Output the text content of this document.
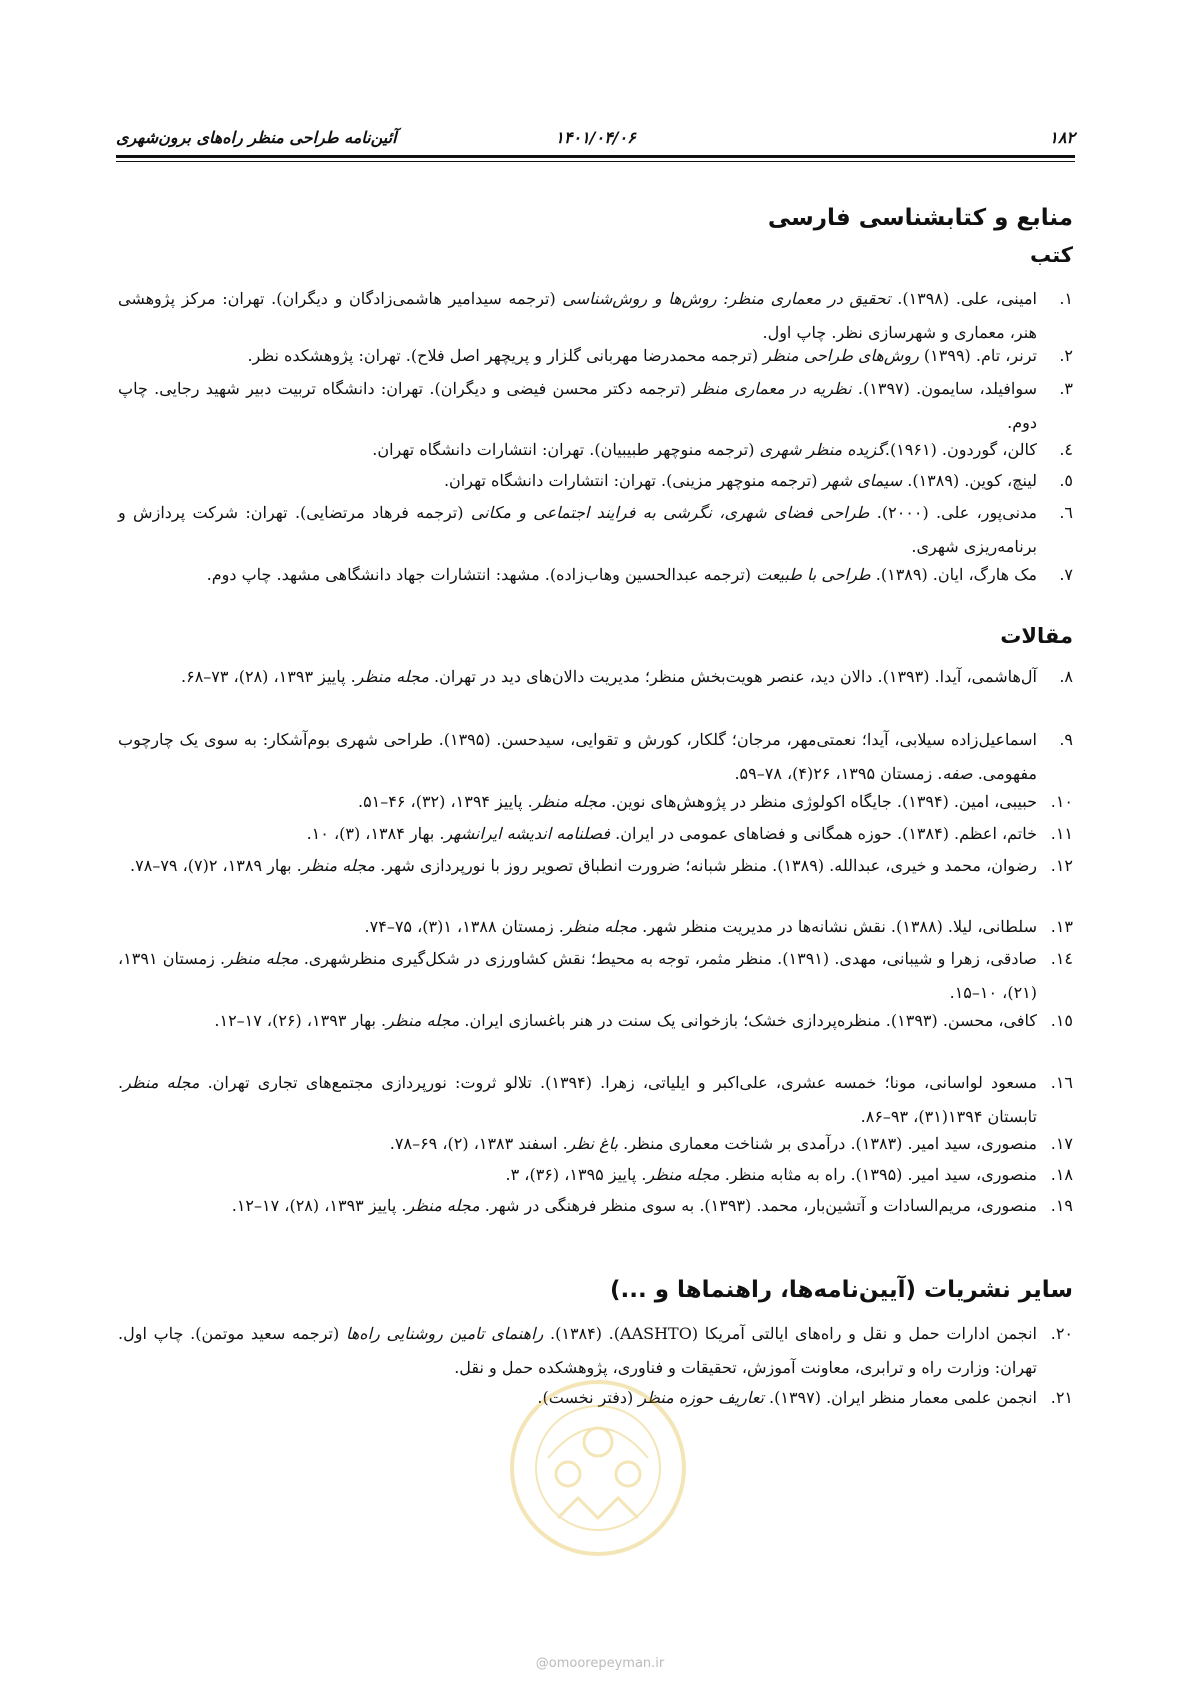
۱۸۲
۱۴۰۱/۰۴/۰۶
آئین‌نامه طراحی منظر راه‌های برون‌شهری
منابع و کتابشناسی فارسی
کتب
۱.
امینی، علی. (۱۳۹۸). تحقیق در معماری منظر: روش‌ها و روش‌شناسی (ترجمه سیدامیر هاشمی‌زادگان و دیگران). تهران: مرکز پژوهشی هنر، معماری و شهرسازی نظر. چاپ اول.
۲.
ترنر، تام. (۱۳۹۹) روش‌های طراحی منظر (ترجمه محمدرضا مهربانی گلزار و پریچهر اصل فلاح). تهران: پژوهشکده نظر.
۳.
سوافیلد، سایمون. (۱۳۹۷). نظریه در معماری منظر (ترجمه دکتر محسن فیضی و دیگران). تهران: دانشگاه تربیت دبیر شهید رجایی. چاپ دوم.
٤.
کالن، گوردون. (۱۹۶۱).گزیده منظر شهری (ترجمه منوچهر طبیبیان). تهران: انتشارات دانشگاه تهران.
٥.
لینچ، کوین. (۱۳۸۹). سیمای شهر (ترجمه منوچهر مزینی). تهران: انتشارات دانشگاه تهران.
٦.
مدنی‌پور، علی. (۲۰۰۰). طراحی فضای شهری، نگرشی به فرایند اجتماعی و مکانی (ترجمه فرهاد مرتضایی). تهران: شرکت پردازش و برنامه‌ریزی شهری.
۷.
مک هارگ، ایان. (۱۳۸۹). طراحی با طبیعت (ترجمه عبدالحسین وهاب‌زاده). مشهد: انتشارات جهاد دانشگاهی مشهد. چاپ دوم.
مقالات
۸.
آل‌هاشمی، آیدا. (۱۳۹۳). دالان دید، عنصر هویت‌بخش منظر؛ مدیریت دالان‌های دید در تهران. مجله منظر. پاییز ۱۳۹۳، (۲۸)، ۷۳–۶۸.
۹.
اسماعیل‌زاده سیلابی، آیدا؛ نعمتی‌مهر، مرجان؛ گلکار، کورش و تقوایی، سیدحسن. (۱۳۹۵). طراحی شهری بوم‌آشکار: به سوی یک چارچوب مفهومی. صفه. زمستان ۱۳۹۵، ۲۶(۴)، ۷۸–۵۹.
۱۰.
حبیبی، امین. (۱۳۹۴). جایگاه اکولوژی منظر در پژوهش‌های نوین. مجله منظر. پاییز ۱۳۹۴، (۳۲)، ۴۶–۵۱.
۱۱.
خاتم، اعظم. (۱۳۸۴). حوزه همگانی و فضاهای عمومی در ایران. فصلنامه اندیشه ایرانشهر. بهار ۱۳۸۴، (۳)، ۱۰.
۱۲.
رضوان، محمد و خیری، عبدالله. (۱۳۸۹). منظر شبانه؛ ضرورت انطباق تصویر روز با نورپردازی شهر. مجله منظر. بهار ۱۳۸۹، ۲(۷)، ۷۹–۷۸.
۱۳.
سلطانی، لیلا. (۱۳۸۸). نقش نشانه‌ها در مدیریت منظر شهر. مجله منظر. زمستان ۱۳۸۸، ۱(۳)، ۷۵–۷۴.
۱٤.
صادقی، زهرا و شیبانی، مهدی. (۱۳۹۱). منظر مثمر، توجه به محیط؛ نقش کشاورزی در شکل‌گیری منظرشهری. مجله منظر. زمستان ۱۳۹۱، (۲۱)، ۱۰–۱۵.
۱٥.
کافی، محسن. (۱۳۹۳). منظره‌پردازی خشک؛ بازخوانی یک سنت در هنر باغسازی ایران. مجله منظر. بهار ۱۳۹۳، (۲۶)، ۱۷–۱۲.
۱٦.
مسعود لواسانی، مونا؛ خمسه عشری، علی‌اکبر و ایلیاتی، زهرا. (۱۳۹۴). تلالو ثروت: نورپردازی مجتمع‌های تجاری تهران. مجله منظر. تابستان ۱۳۹۴(۳۱)، ۹۳–۸۶.
۱۷.
منصوری، سید امیر. (۱۳۸۳). درآمدی بر شناخت معماری منظر. باغ نظر. اسفند ۱۳۸۳، (۲)، ۶۹–۷۸.
۱۸.
منصوری، سید امیر. (۱۳۹۵). راه به مثابه منظر. مجله منظر. پاییز ۱۳۹۵، (۳۶)، ۳.
۱۹.
منصوری، مریم‌السادات و آتشین‌بار، محمد. (۱۳۹۳). به سوی منظر فرهنگی در شهر. مجله منظر. پاییز ۱۳۹۳، (۲۸)، ۱۷–۱۲.
سایر نشریات (آیین‌نامه‌ها، راهنماها و ...)
۲۰.
انجمن ادارات حمل و نقل و راه‌های ایالتی آمریکا (AASHTO). (۱۳۸۴). راهنمای تامین روشنایی راه‌ها (ترجمه سعید موتمن). چاپ اول. تهران: وزارت راه و ترابری، معاونت آموزش، تحقیقات و فناوری، پژوهشکده حمل و نقل.
۲۱.
انجمن علمی معمار منظر ایران. (۱۳۹۷). تعاریف حوزه منظر (دفتر نخست).
@omoorepeyman.ir
